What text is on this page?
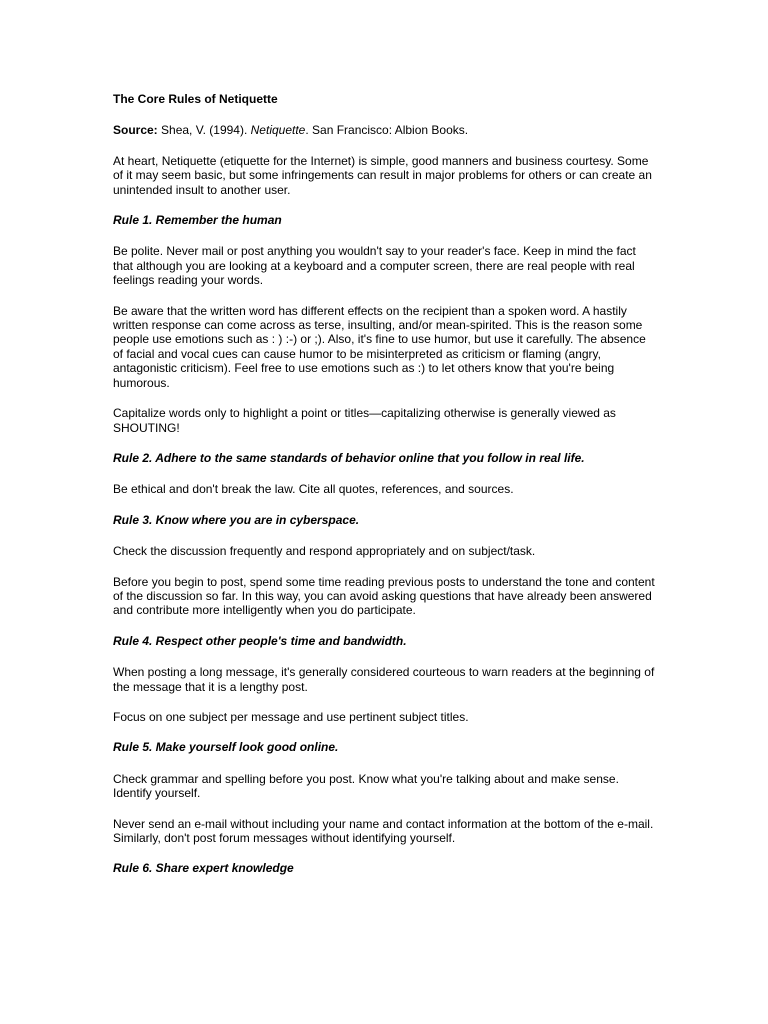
The Core Rules of Netiquette
Source: Shea, V. (1994). Netiquette. San Francisco: Albion Books.
At heart, Netiquette (etiquette for the Internet) is simple, good manners and business courtesy. Some of it may seem basic, but some infringements can result in major problems for others or can create an unintended insult to another user.
Rule 1. Remember the human
Be polite. Never mail or post anything you wouldn't say to your reader's face. Keep in mind the fact that although you are looking at a keyboard and a computer screen, there are real people with real feelings reading your words.
Be aware that the written word has different effects on the recipient than a spoken word. A hastily written response can come across as terse, insulting, and/or mean-spirited. This is the reason some people use emotions such as : ) :-) or ;). Also, it's fine to use humor, but use it carefully. The absence of facial and vocal cues can cause humor to be misinterpreted as criticism or flaming (angry, antagonistic criticism). Feel free to use emotions such as :) to let others know that you're being humorous.
Capitalize words only to highlight a point or titles—capitalizing otherwise is generally viewed as SHOUTING!
Rule 2. Adhere to the same standards of behavior online that you follow in real life.
Be ethical and don't break the law. Cite all quotes, references, and sources.
Rule 3. Know where you are in cyberspace.
Check the discussion frequently and respond appropriately and on subject/task.
Before you begin to post, spend some time reading previous posts to understand the tone and content of the discussion so far. In this way, you can avoid asking questions that have already been answered and contribute more intelligently when you do participate.
Rule 4. Respect other people's time and bandwidth.
When posting a long message, it's generally considered courteous to warn readers at the beginning of the message that it is a lengthy post.
Focus on one subject per message and use pertinent subject titles.
Rule 5. Make yourself look good online.
Check grammar and spelling before you post. Know what you're talking about and make sense. Identify yourself.
Never send an e-mail without including your name and contact information at the bottom of the e-mail. Similarly, don't post forum messages without identifying yourself.
Rule 6. Share expert knowledge
